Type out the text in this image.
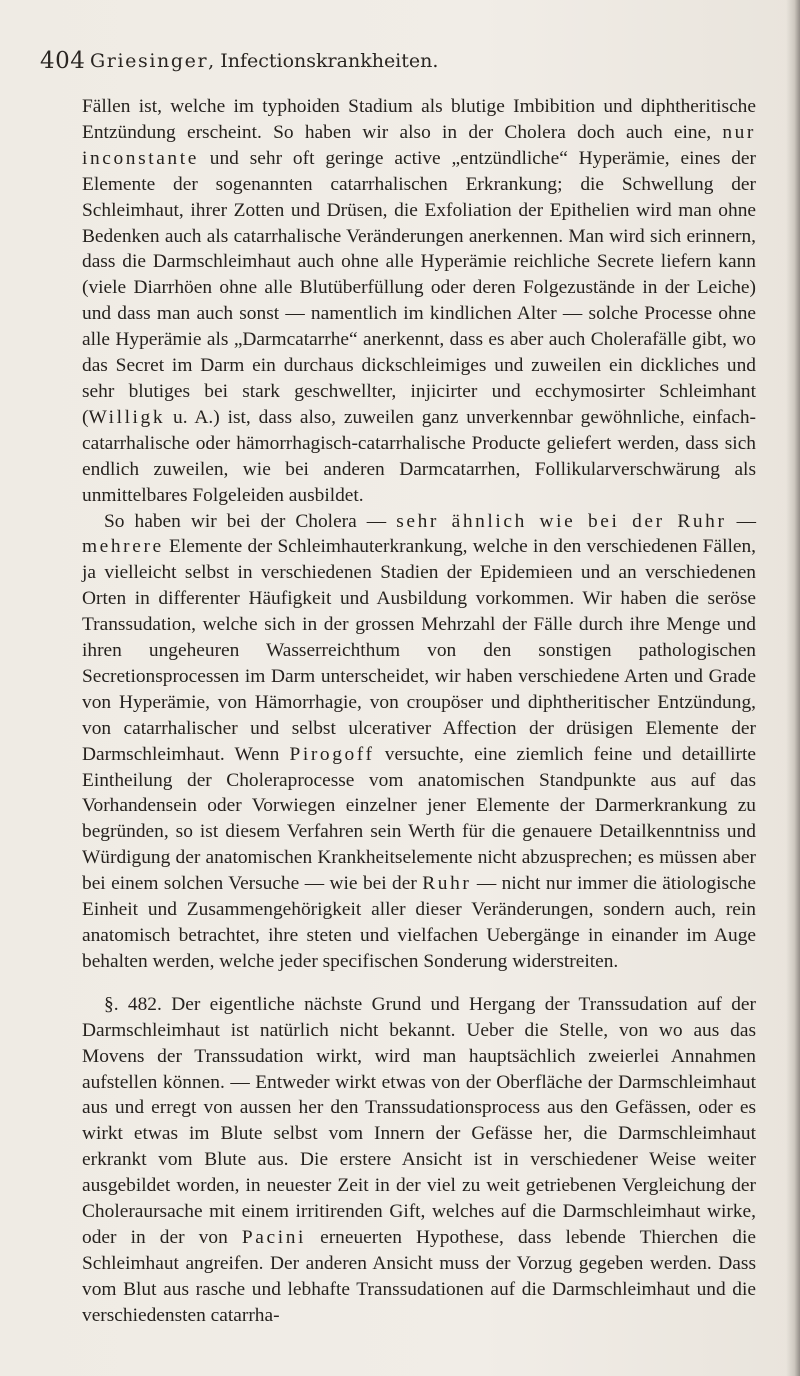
404 Griesinger, Infectionskrankheiten.

Fällen ist, welche im typhoiden Stadium als blutige Imbibition und diphtheritische Entzündung erscheint. So haben wir also in der Cholera doch auch eine, nur inconstante und sehr oft geringe active „entzündliche“ Hyperämie, eines der Elemente der sogenannten catarrhalischen Erkrankung; die Schwellung der Schleimhaut, ihrer Zotten und Drüsen, die Exfoliation der Epithelien wird man ohne Bedenken auch als catarrhalische Veränderungen anerkennen. Man wird sich erinnern, dass die Darmschleimhaut auch ohne alle Hyperämie reichliche Secrete liefern kann (viele Diarrhöen ohne alle Blutüberfüllung oder deren Folgezustände in der Leiche) und dass man auch sonst — namentlich im kindlichen Alter — solche Processe ohne alle Hyperämie als „Darmcatarrhe“ anerkennt, dass es aber auch Cholerafälle gibt, wo das Secret im Darm ein durchaus dickschleimiges und zuweilen ein dickliches und sehr blutiges bei stark geschwellter, injicirter und ecchymosirter Schleimhant (Willigk u. A.) ist, dass also, zuweilen ganz unverkennbar gewöhnliche, einfach-catarrhalische oder hämorrhagisch-catarrhalische Producte geliefert werden, dass sich endlich zuweilen, wie bei anderen Darmcatarrhen, Follikularverschwärung als unmittelbares Folgeleiden ausbildet.

So haben wir bei der Cholera — sehr ähnlich wie bei der Ruhr — mehrere Elemente der Schleimhauterkrankung, welche in den verschiedenen Fällen, ja vielleicht selbst in verschiedenen Stadien der Epidemieen und an verschiedenen Orten in differenter Häufigkeit und Ausbildung vorkommen. Wir haben die seröse Transsudation, welche sich in der grossen Mehrzahl der Fälle durch ihre Menge und ihren ungeheuren Wasserreichthum von den sonstigen pathologischen Secretionsprocessen im Darm unterscheidet, wir haben verschiedene Arten und Grade von Hyperämie, von Hämorrhagie, von croupöser und diphtheritischer Entzündung, von catarrhalischer und selbst ulcerativer Affection der drüsigen Elemente der Darmschleimhaut. Wenn Pirogoff versuchte, eine ziemlich feine und detaillirte Eintheilung der Choleraprocesse vom anatomischen Standpunkte aus auf das Vorhandensein oder Vorwiegen einzelner jener Elemente der Darmerkrankung zu begründen, so ist diesem Verfahren sein Werth für die genauere Detailkenntniss und Würdigung der anatomischen Krankheitselemente nicht abzusprechen; es müssen aber bei einem solchen Versuche — wie bei der Ruhr — nicht nur immer die ätiologische Einheit und Zusammengehörigkeit aller dieser Veränderungen, sondern auch, rein anatomisch betrachtet, ihre steten und vielfachen Uebergänge in einander im Auge behalten werden, welche jeder specifischen Sonderung widerstreiten.

§. 482. Der eigentliche nächste Grund und Hergang der Transsudation auf der Darmschleimhaut ist natürlich nicht bekannt. Ueber die Stelle, von wo aus das Movens der Transsudation wirkt, wird man hauptsächlich zweierlei Annahmen aufstellen können. — Entweder wirkt etwas von der Oberfläche der Darmschleimhaut aus und erregt von aussen her den Transsudationsprocess aus den Gefässen, oder es wirkt etwas im Blute selbst vom Innern der Gefässe her, die Darmschleimhaut erkrankt vom Blute aus. Die erstere Ansicht ist in verschiedener Weise weiter ausgebildet worden, in neuester Zeit in der viel zu weit getriebenen Vergleichung der Choleraursache mit einem irritirenden Gift, welches auf die Darmschleimhaut wirke, oder in der von Pacini erneuerten Hypothese, dass lebende Thierchen die Schleimhaut angreifen. Der anderen Ansicht muss der Vorzug gegeben werden. Dass vom Blut aus rasche und lebhafte Transsudationen auf die Darmschleimhaut und die verschiedensten catarrha-
